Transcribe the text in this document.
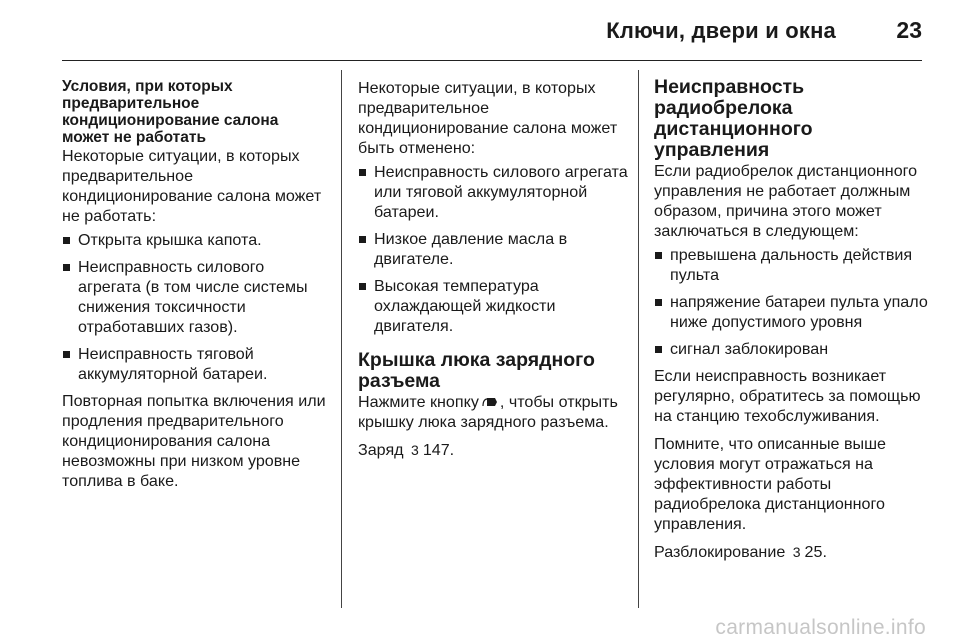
Ключи, двери и окна	23

Условия, при которых предварительное кондиционирование салона может не работать

Некоторые ситуации, в которых предварительное кондиционирование салона может не работать:

Открыта крышка капота.
Неисправность силового агрегата (в том числе системы снижения токсичности отработавших газов).
Неисправность тяговой аккумуляторной батареи.

Повторная попытка включения или продления предварительного кондиционирования салона невозможны при низком уровне топлива в баке.

Некоторые ситуации, в которых предварительное кондиционирование салона может быть отменено:

Неисправность силового агрегата или тяговой аккумуляторной батареи.
Низкое давление масла в двигателе.
Высокая температура охлаждающей жидкости двигателя.

Крышка люка зарядного разъема

Нажмите кнопку , чтобы открыть крышку люка зарядного разъема.

Заряд 3 147.

Неисправность радиобрелока дистанционного управления

Если радиобрелок дистанционного управления не работает должным образом, причина этого может заключаться в следующем:

превышена дальность действия пульта
напряжение батареи пульта упало ниже допустимого уровня
сигнал заблокирован

Если неисправность возникает регулярно, обратитесь за помощью на станцию техобслуживания.

Помните, что описанные выше условия могут отражаться на эффективности работы радиобрелока дистанционного управления.

Разблокирование 3 25.

carmanualsonline.info
